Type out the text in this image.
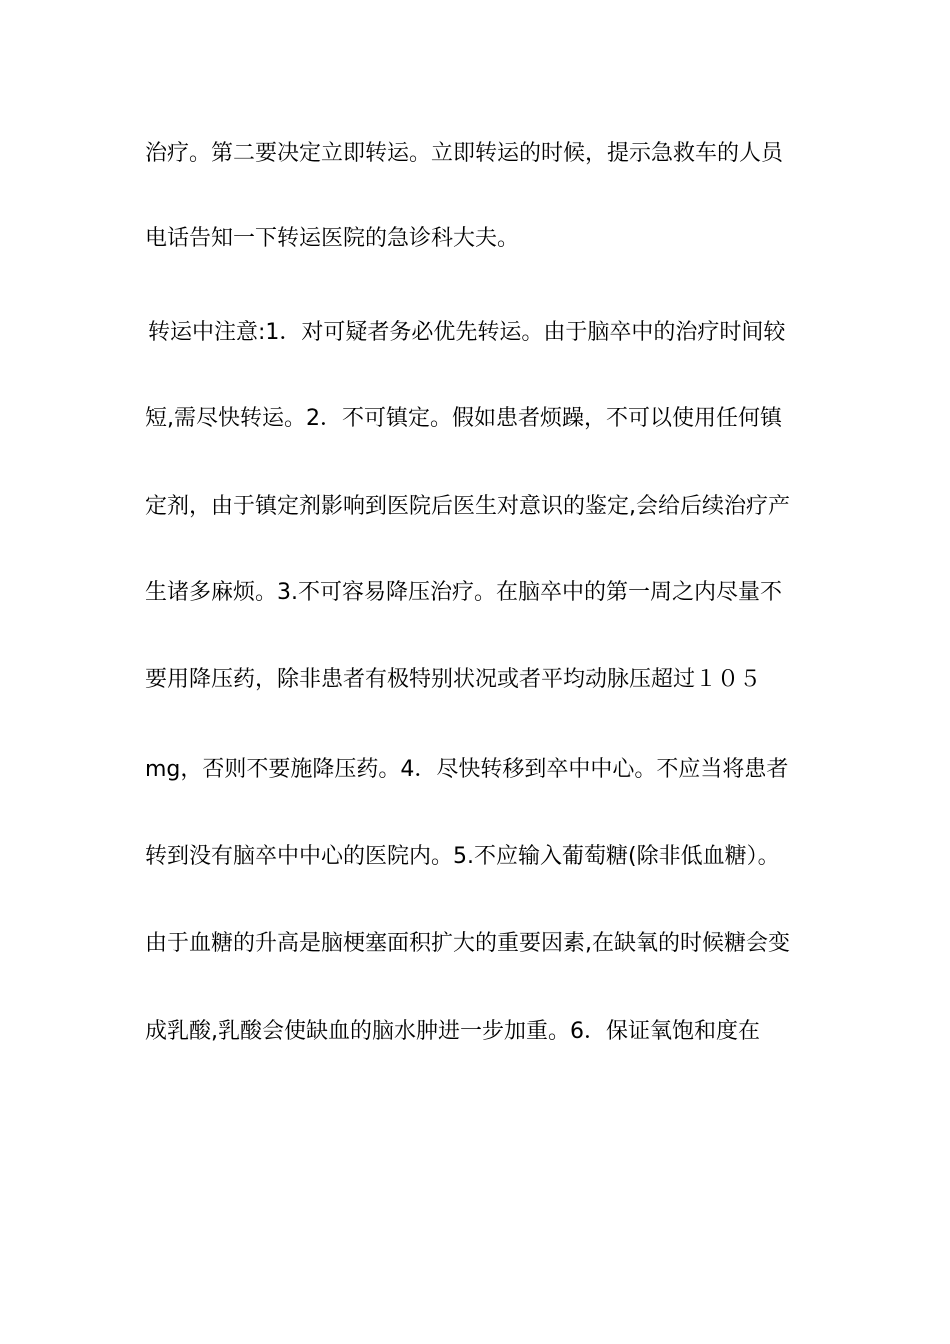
治疗。第二要决定立即转运。立即转运的时候，提示急救车的人员
电话告知一下转运医院的急诊科大夫。
转运中注意:1．对可疑者务必优先转运。由于脑卒中的治疗时间较
短,需尽快转运。2．不可镇定。假如患者烦躁，不可以使用任何镇
定剂，由于镇定剂影响到医院后医生对意识的鉴定,会给后续治疗产
生诸多麻烦。3.不可容易降压治疗。在脑卒中的第一周之内尽量不
要用降压药，除非患者有极特别状况或者平均动脉压超过１０５
mg，否则不要施降压药。4．尽快转移到卒中中心。不应当将患者
转到没有脑卒中中心的医院内。5.不应输入葡萄糖(除非低血糖）。
由于血糖的升高是脑梗塞面积扩大的重要因素,在缺氧的时候糖会变
成乳酸,乳酸会使缺血的脑水肿进一步加重。6．保证氧饱和度在
